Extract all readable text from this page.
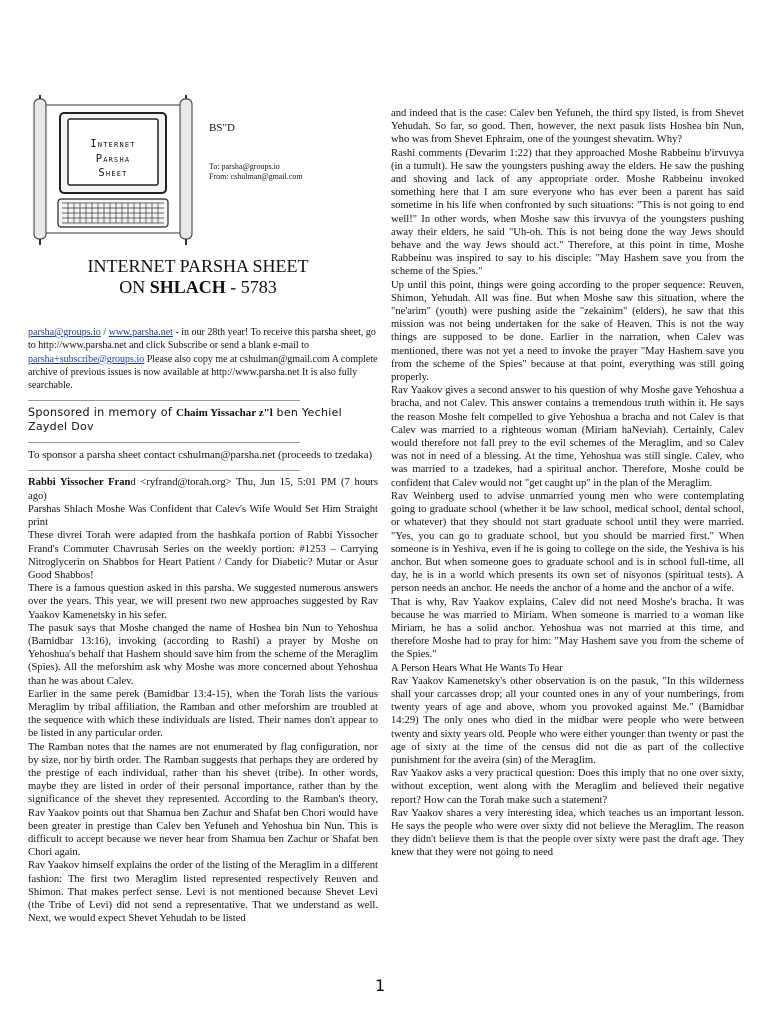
Internet
Parsha
Sheet
BS"D
To: parsha@groups.io
From: cshulman@gmail.com
INTERNET PARSHA SHEET
ON SHLACH - 5783
parsha@groups.io / www.parsha.net - in our 28th year! To receive this parsha sheet, go to http://www.parsha.net and click Subscribe or send a blank e-mail to parsha+subscribe@groups.io Please also copy me at cshulman@gmail.com A complete archive of previous issues is now available at http://www.parsha.net It is also fully searchable.
Sponsored in memory of Chaim Yissachar z"l ben Yechiel Zaydel Dov
To sponsor a parsha sheet contact cshulman@parsha.net (proceeds to tzedaka)

Rabbi Yissocher Frand <ryfrand@torah.org> Thu, Jun 15, 5:01 PM (7 hours ago)

Parshas Shlach Moshe Was Confident that Calev's Wife Would Set Him Straight print

These divrei Torah were adapted from the hashkafa portion of Rabbi Yissocher Frand's Commuter Chavrusah Series on the weekly portion: #1253 – Carrying Nitroglycerin on Shabbos for Heart Patient / Candy for Diabetic? Mutar or Asur Good Shabbos!

There is a famous question asked in this parsha. We suggested numerous answers over the years. This year, we will present two new approaches suggested by Rav Yaakov Kamenetsky in his sefer.

The pasuk says that Moshe changed the name of Hoshea bin Nun to Yehoshua (Bamidbar 13:16), invoking (according to Rashi) a prayer by Moshe on Yehoshua's behalf that Hashem should save him from the scheme of the Meraglim (Spies). All the meforshim ask why Moshe was more concerned about Yehoshua than he was about Calev.

Earlier in the same perek (Bamidbar 13:4-15), when the Torah lists the various Meraglim by tribal affiliation, the Ramban and other meforshim are troubled at the sequence with which these individuals are listed. Their names don't appear to be listed in any particular order.

The Ramban notes that the names are not enumerated by flag configuration, nor by size, nor by birth order. The Ramban suggests that perhaps they are ordered by the prestige of each individual, rather than his shevet (tribe). In other words, maybe they are listed in order of their personal importance, rather than by the significance of the shevet they represented. According to the Ramban's theory, Rav Yaakov points out that Shamua ben Zachur and Shafat ben Chori would have been greater in prestige than Calev ben Yefuneh and Yehoshua bin Nun. This is difficult to accept because we never hear from Shamua ben Zachur or Shafat ben Chori again.

Rav Yaakov himself explains the order of the listing of the Meraglim in a different fashion: The first two Meraglim listed represented respectively Reuven and Shimon. That makes perfect sense. Levi is not mentioned because Shevet Levi (the Tribe of Levi) did not send a representative. That we understand as well. Next, we would expect Shevet Yehudah to be listed

and indeed that is the case: Calev ben Yefuneh, the third spy listed, is from Shevet Yehudah. So far, so good. Then, however, the next pasuk lists Hoshea bin Nun, who was from Shevet Ephraim, one of the youngest shevatim. Why?

Rashi comments (Devarim 1:22) that they approached Moshe Rabbeinu b'irvuvya (in a tumult). He saw the youngsters pushing away the elders. He saw the pushing and shoving and lack of any appropriate order. Moshe Rabbeinu invoked something here that I am sure everyone who has ever been a parent has said sometime in his life when confronted by such situations: "This is not going to end well!" In other words, when Moshe saw this irvuvya of the youngsters pushing away their elders, he said "Uh-oh. This is not being done the way Jews should behave and the way Jews should act." Therefore, at this point in time, Moshe Rabbeinu was inspired to say to his disciple: "May Hashem save you from the scheme of the Spies."

Up until this point, things were going according to the proper sequence: Reuven, Shimon, Yehudah. All was fine. But when Moshe saw this situation, where the "ne'arim" (youth) were pushing aside the "zekainim" (elders), he saw that this mission was not being undertaken for the sake of Heaven. This is not the way things are supposed to be done. Earlier in the narration, when Calev was mentioned, there was not yet a need to invoke the prayer "May Hashem save you from the scheme of the Spies" because at that point, everything was still going properly.

Rav Yaakov gives a second answer to his question of why Moshe gave Yehoshua a bracha, and not Calev. This answer contains a tremendous truth within it. He says the reason Moshe felt compelled to give Yehoshua a bracha and not Calev is that Calev was married to a righteous woman (Miriam haNeviah). Certainly, Calev would therefore not fall prey to the evil schemes of the Meraglim, and so Calev was not in need of a blessing. At the time, Yehoshua was still single. Calev, who was married to a tzadekes, had a spiritual anchor. Therefore, Moshe could be confident that Calev would not "get caught up" in the plan of the Meraglim.

Rav Weinberg used to advise unmarried young men who were contemplating going to graduate school (whether it be law school, medical school, dental school, or whatever) that they should not start graduate school until they were married. "Yes, you can go to graduate school, but you should be married first." When someone is in Yeshiva, even if he is going to college on the side, the Yeshiva is his anchor. But when someone goes to graduate school and is in school full-time, all day, he is in a world which presents its own set of nisyonos (spiritual tests). A person needs an anchor. He needs the anchor of a home and the anchor of a wife.

That is why, Rav Yaakov explains, Calev did not need Moshe's bracha. It was because he was married to Miriam. When someone is married to a woman like Miriam, he has a solid anchor. Yehoshua was not married at this time, and therefore Moshe had to pray for him: "May Hashem save you from the scheme of the Spies."

A Person Hears What He Wants To Hear

Rav Yaakov Kamenetsky's other observation is on the pasuk, "In this wilderness shall your carcasses drop; all your counted ones in any of your numberings, from twenty years of age and above, whom you provoked against Me." (Bamidbar 14:29) The only ones who died in the midbar were people who were between twenty and sixty years old. People who were either younger than twenty or past the age of sixty at the time of the census did not die as part of the collective punishment for the aveira (sin) of the Meraglim.

Rav Yaakov asks a very practical question: Does this imply that no one over sixty, without exception, went along with the Meraglim and believed their negative report? How can the Torah make such a statement?

Rav Yaakov shares a very interesting idea, which teaches us an important lesson. He says the people who were over sixty did not believe the Meraglim. The reason they didn't believe them is that the people over sixty were past the draft age. They knew that they were not going to need

1
